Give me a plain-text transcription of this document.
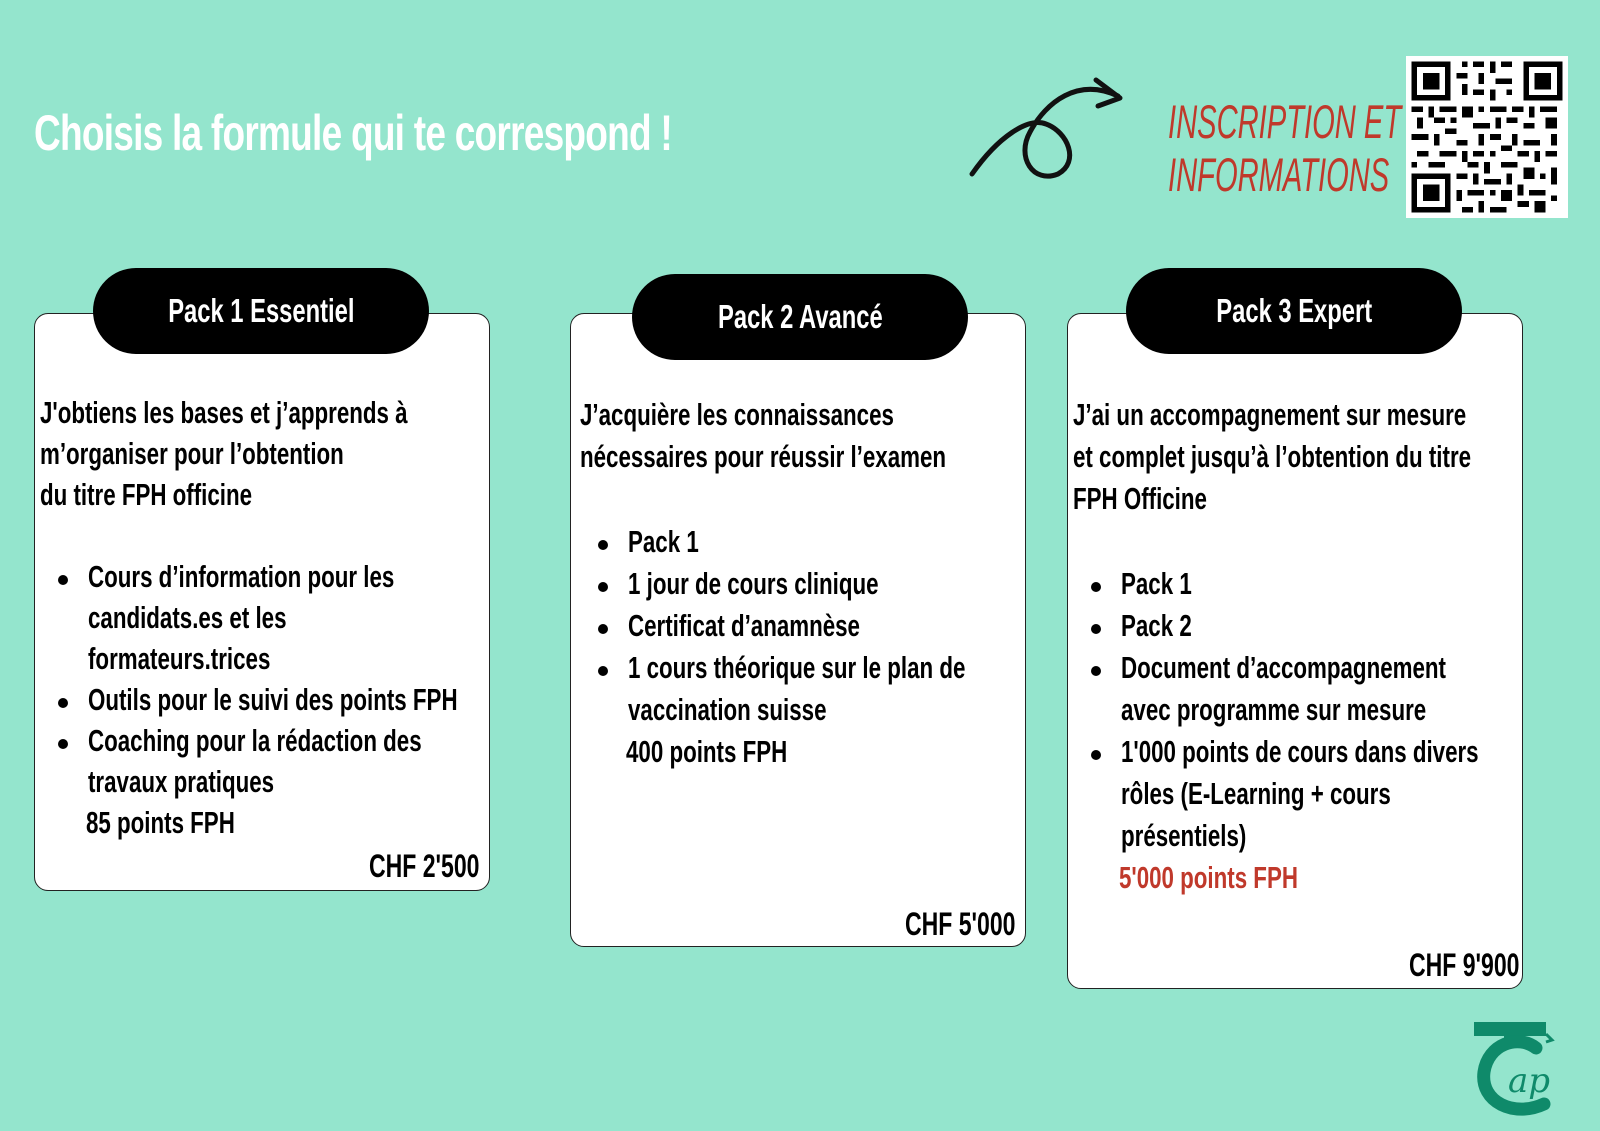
Choisis la formule qui te correspond !	INSCRIPTION ET
INFORMATIONS
Pack 1 Essentiel
J'obtiens les bases et j’apprends à
m’organiser pour l’obtention
du titre FPH officine
Cours d’information pour les
candidats.es et les
formateurs.trices
Outils pour le suivi des points FPH
Coaching pour la rédaction des
travaux pratiques
85 points FPH
CHF 2'500
Pack 2 Avancé
J’acquière les connaissances
nécessaires pour réussir l’examen
Pack 1
1 jour de cours clinique
Certificat d’anamnèse
1 cours théorique sur le plan de
vaccination suisse
400 points FPH
CHF 5'000
Pack 3 Expert
J’ai un accompagnement sur mesure
et complet jusqu’à l’obtention du titre
FPH Officine
Pack 1
Pack 2
Document d’accompagnement
avec programme sur mesure
1'000 points de cours dans divers
rôles (E-Learning + cours
présentiels)
5'000 points FPH
CHF 9'900
ap
